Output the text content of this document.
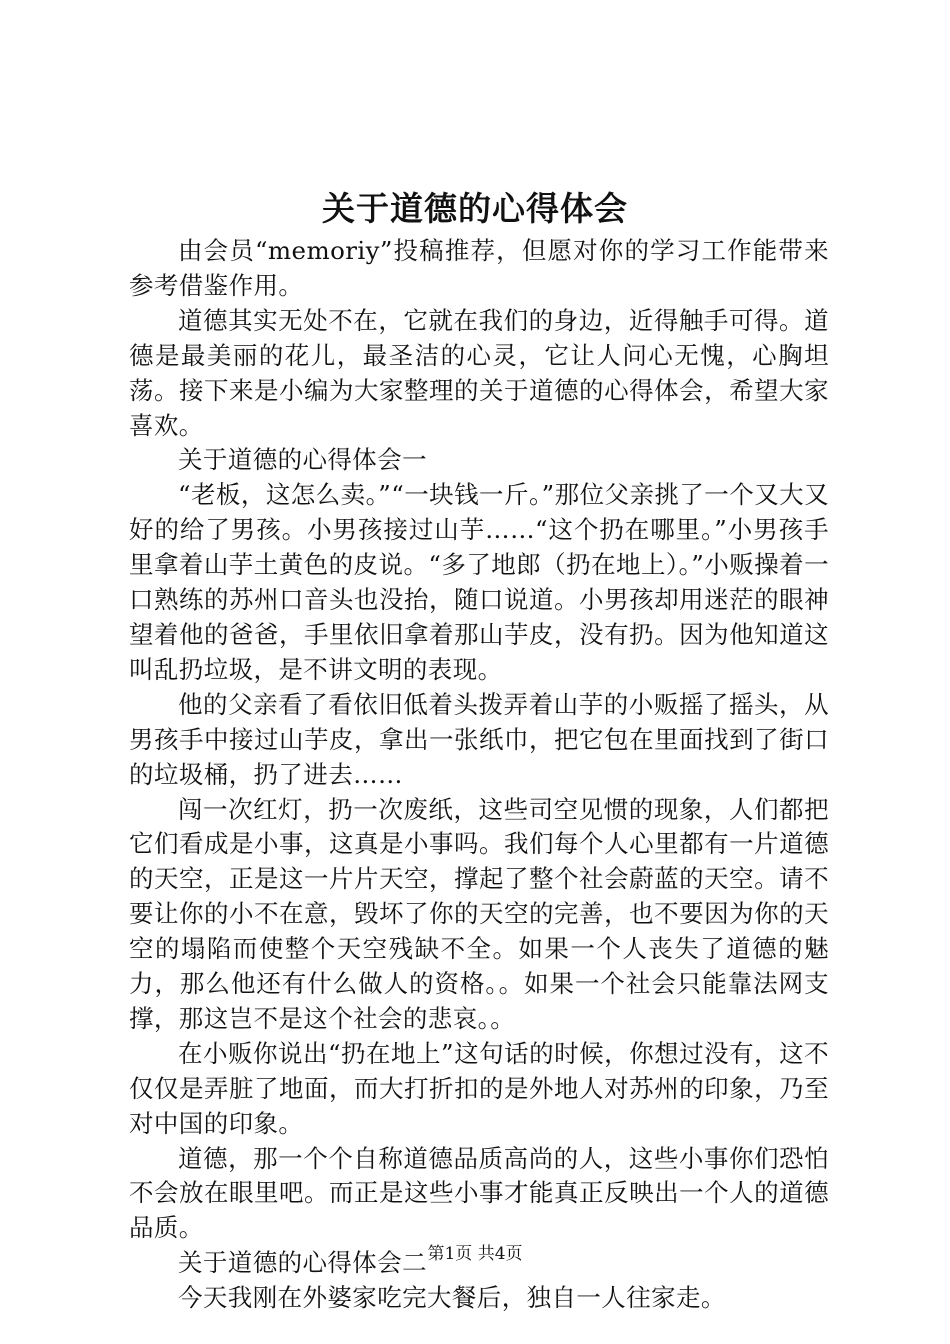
关于道德的心得体会

由会员“memoriy”投稿推荐，但愿对你的学习工作能带来参考借鉴作用。

道德其实无处不在，它就在我们的身边，近得触手可得。道德是最美丽的花儿，最圣洁的心灵，它让人问心无愧，心胸坦荡。接下来是小编为大家整理的关于道德的心得体会，希望大家喜欢。

关于道德的心得体会一

“老板，这怎么卖。”“一块钱一斤。”那位父亲挑了一个又大又好的给了男孩。小男孩接过山芋……“这个扔在哪里。”小男孩手里拿着山芋土黄色的皮说。“多了地郎（扔在地上）。”小贩操着一口熟练的苏州口音头也没抬，随口说道。小男孩却用迷茫的眼神望着他的爸爸，手里依旧拿着那山芋皮，没有扔。因为他知道这叫乱扔垃圾，是不讲文明的表现。

他的父亲看了看依旧低着头拨弄着山芋的小贩摇了摇头，从男孩手中接过山芋皮，拿出一张纸巾，把它包在里面找到了街口的垃圾桶，扔了进去……

闯一次红灯，扔一次废纸，这些司空见惯的现象，人们都把它们看成是小事，这真是小事吗。我们每个人心里都有一片道德的天空，正是这一片片天空，撑起了整个社会蔚蓝的天空。请不要让你的小不在意，毁坏了你的天空的完善，也不要因为你的天空的塌陷而使整个天空残缺不全。如果一个人丧失了道德的魅力，那么他还有什么做人的资格。。如果一个社会只能靠法网支撑，那这岂不是这个社会的悲哀。。

在小贩你说出“扔在地上”这句话的时候，你想过没有，这不仅仅是弄脏了地面，而大打折扣的是外地人对苏州的印象，乃至对中国的印象。

道德，那一个个自称道德品质高尚的人，这些小事你们恐怕不会放在眼里吧。而正是这些小事才能真正反映出一个人的道德品质。

关于道德的心得体会二

今天我刚在外婆家吃完大餐后，独自一人往家走。

第1页 共4页
